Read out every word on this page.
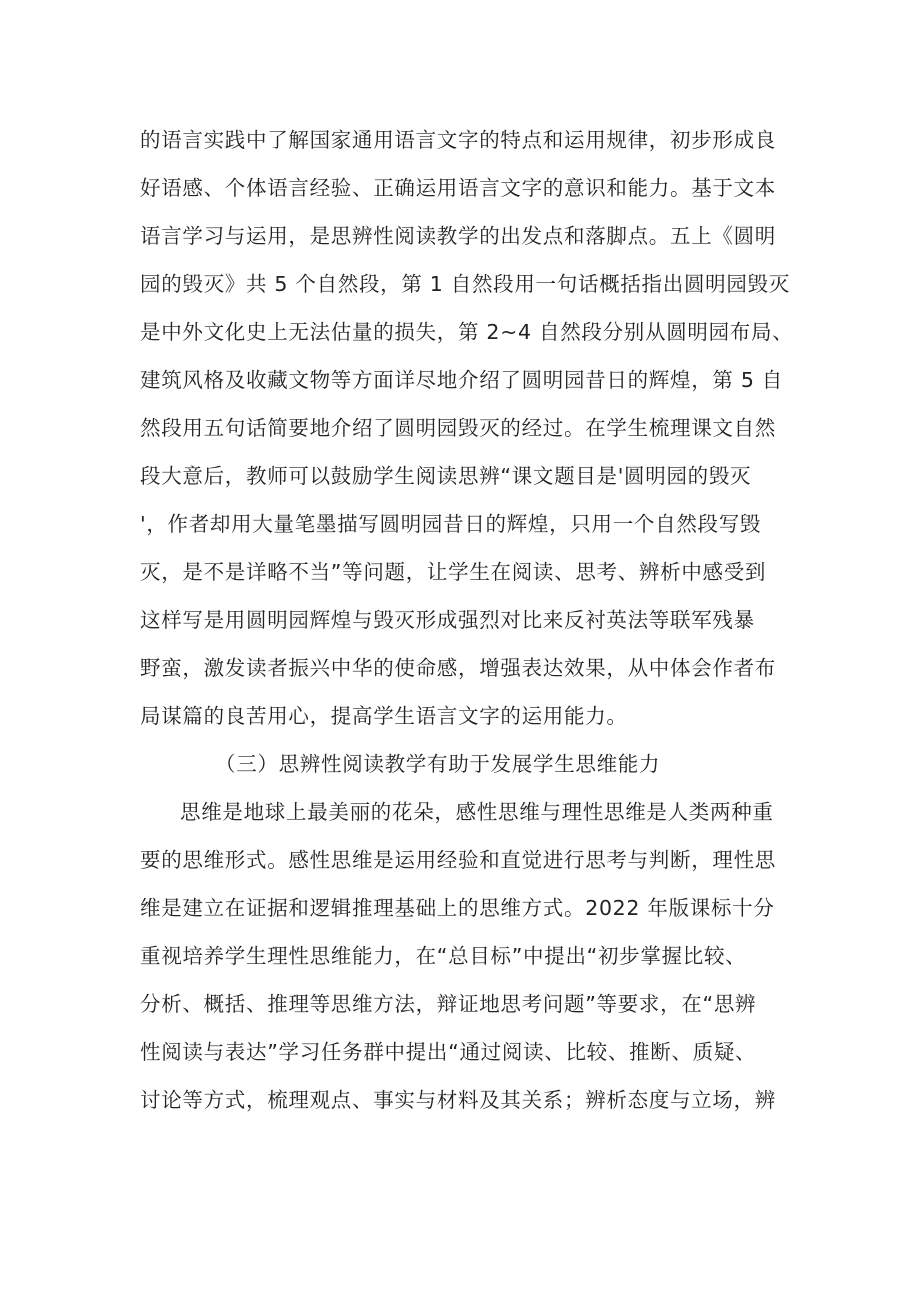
的语言实践中了解国家通用语言文字的特点和运用规律，初步形成良
好语感、个体语言经验、正确运用语言文字的意识和能力。基于文本
语言学习与运用，是思辨性阅读教学的出发点和落脚点。五上《圆明
园的毁灭》共 5 个自然段，第 1 自然段用一句话概括指出圆明园毁灭
是中外文化史上无法估量的损失，第 2~4 自然段分别从圆明园布局、
建筑风格及收藏文物等方面详尽地介绍了圆明园昔日的辉煌，第 5 自
然段用五句话简要地介绍了圆明园毁灭的经过。在学生梳理课文自然
段大意后，教师可以鼓励学生阅读思辨“课文题目是'圆明园的毁灭
'，作者却用大量笔墨描写圆明园昔日的辉煌，只用一个自然段写毁
灭，是不是详略不当”等问题，让学生在阅读、思考、辨析中感受到
这样写是用圆明园辉煌与毁灭形成强烈对比来反衬英法等联军残暴
野蛮，激发读者振兴中华的使命感，增强表达效果，从中体会作者布
局谋篇的良苦用心，提高学生语言文字的运用能力。
（三）思辨性阅读教学有助于发展学生思维能力
思维是地球上最美丽的花朵，感性思维与理性思维是人类两种重
要的思维形式。感性思维是运用经验和直觉进行思考与判断，理性思
维是建立在证据和逻辑推理基础上的思维方式。2022 年版课标十分
重视培养学生理性思维能力，在“总目标”中提出“初步掌握比较、
分析、概括、推理等思维方法，辩证地思考问题”等要求，在“思辨
性阅读与表达”学习任务群中提出“通过阅读、比较、推断、质疑、
讨论等方式，梳理观点、事实与材料及其关系；辨析态度与立场，辨
